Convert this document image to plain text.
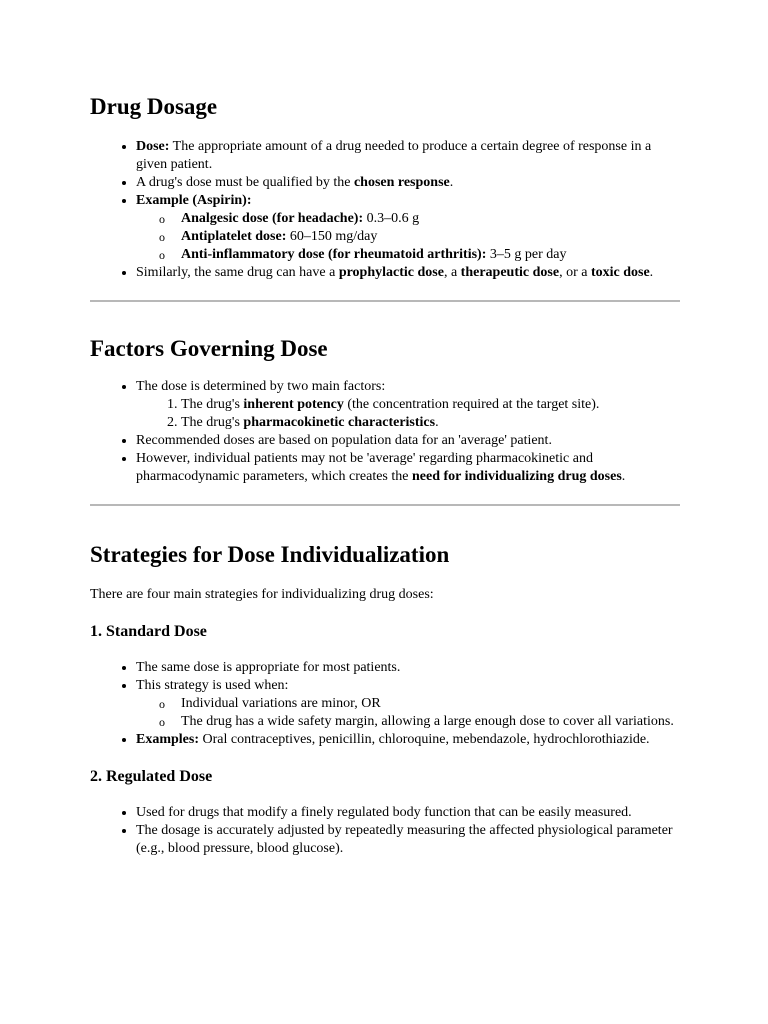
Drug Dosage
• Dose: The appropriate amount of a drug needed to produce a certain degree of response in a given patient.
• A drug's dose must be qualified by the chosen response.
• Example (Aspirin):
o Analgesic dose (for headache): 0.3–0.6 g
o Antiplatelet dose: 60–150 mg/day
o Anti-inflammatory dose (for rheumatoid arthritis): 3–5 g per day
• Similarly, the same drug can have a prophylactic dose, a therapeutic dose, or a toxic dose.
Factors Governing Dose
• The dose is determined by two main factors:
1. The drug's inherent potency (the concentration required at the target site).
2. The drug's pharmacokinetic characteristics.
• Recommended doses are based on population data for an 'average' patient.
• However, individual patients may not be 'average' regarding pharmacokinetic and pharmacodynamic parameters, which creates the need for individualizing drug doses.
Strategies for Dose Individualization

There are four main strategies for individualizing drug doses:

1. Standard Dose
• The same dose is appropriate for most patients.
• This strategy is used when:
o Individual variations are minor, OR
o The drug has a wide safety margin, allowing a large enough dose to cover all variations.
• Examples: Oral contraceptives, penicillin, chloroquine, mebendazole, hydrochlorothiazide.
2. Regulated Dose
• Used for drugs that modify a finely regulated body function that can be easily measured.
• The dosage is accurately adjusted by repeatedly measuring the affected physiological parameter (e.g., blood pressure, blood glucose).
